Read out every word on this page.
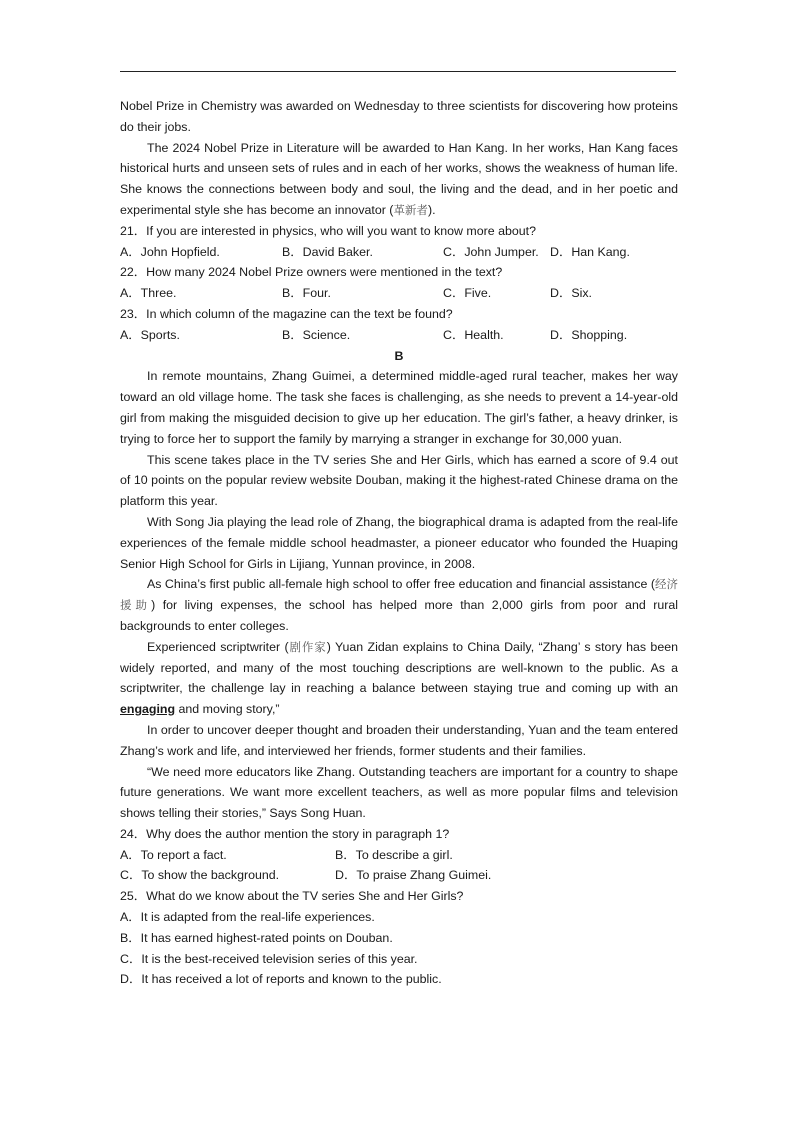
Nobel Prize in Chemistry was awarded on Wednesday to three scientists for discovering how proteins do their jobs.

The 2024 Nobel Prize in Literature will be awarded to Han Kang. In her works, Han Kang faces historical hurts and unseen sets of rules and in each of her works, shows the weakness of human life. She knows the connections between body and soul, the living and the dead, and in her poetic and experimental style she has become an innovator (革新者).

21．If you are interested in physics, who will you want to know more about?

A．John Hopfield.	B．David Baker.	C．John Jumper. D．Han Kang.

22．How many 2024 Nobel Prize owners were mentioned in the text?

A．Three.	B．Four.	C．Five.	D．Six.

23．In which column of the magazine can the text be found?

A．Sports.	B．Science.	C．Health.	D．Shopping.

B

In remote mountains, Zhang Guimei, a determined middle-aged rural teacher, makes her way toward an old village home. The task she faces is challenging, as she needs to prevent a 14-year-old girl from making the misguided decision to give up her education. The girl’s father, a heavy drinker, is trying to force her to support the family by marrying a stranger in exchange for 30,000 yuan.

This scene takes place in the TV series She and Her Girls, which has earned a score of 9.4 out of 10 points on the popular review website Douban, making it the highest-rated Chinese drama on the platform this year.

With Song Jia playing the lead role of Zhang, the biographical drama is adapted from the real-life experiences of the female middle school headmaster, a pioneer educator who founded the Huaping Senior High School for Girls in Lijiang, Yunnan province, in 2008.

As China’s first public all-female high school to offer free education and financial assistance (经济援助) for living expenses, the school has helped more than 2,000 girls from poor and rural backgrounds to enter colleges.

Experienced scriptwriter (剧作家) Yuan Zidan explains to China Daily, “Zhang’ s story has been widely reported, and many of the most touching descriptions are well-known to the public. As a scriptwriter, the challenge lay in reaching a balance between staying true and coming up with an engaging and moving story,”

In order to uncover deeper thought and broaden their understanding, Yuan and the team entered Zhang’s work and life, and interviewed her friends, former students and their families.

“We need more educators like Zhang. Outstanding teachers are important for a country to shape future generations. We want more excellent teachers, as well as more popular films and television shows telling their stories,” Says Song Huan.

24．Why does the author mention the story in paragraph 1?

A．To report a fact.	B．To describe a girl.
C．To show the background.	D．To praise Zhang Guimei.

25．What do we know about the TV series She and Her Girls?

A．It is adapted from the real-life experiences.

B．It has earned highest-rated points on Douban.

C．It is the best-received television series of this year.

D．It has received a lot of reports and known to the public.
